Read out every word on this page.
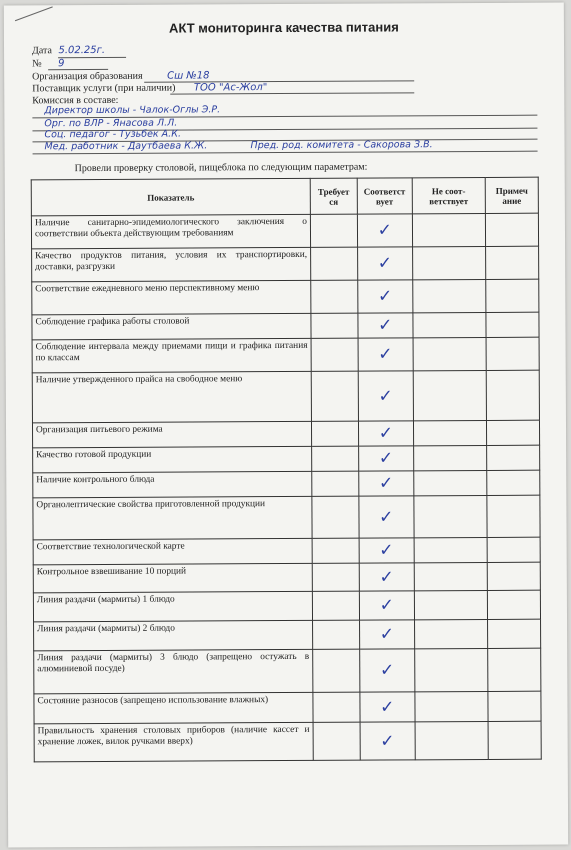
АКТ мониторинга качества питания
Дата 5.02.25г.
№ 9
Организация образования Сш №18
Поставщик услуги (при наличии) ТОО "Ас-Жол"
Комиссия в составе:
Директор школы - Чалок-Оглы Э.Р.
Орг. по ВЛР - Янасова Л.Л.
Соц. педагог - Тузьбек А.К.
Мед. работник - Даутбаева К.Ж.	Пред. род. комитета - Сакорова З.В.
Провели проверку столовой, пищеблока по следующим параметрам:
Показатель	Требует ся	Соответст вует	Не соот- ветствует	Примеч ание
Наличие санитарно-эпидемиологического заключения о соответствии объекта действующим требованиям		✓		
Качество продуктов питания, условия их транспортировки, доставки, разгрузки		✓		
Соответствие ежедневного меню перспективному меню		✓		
Соблюдение графика работы столовой		✓		
Соблюдение интервала между приемами пищи и графика питания по классам		✓		
Наличие утвержденного прайса на свободное меню		✓		
Организация питьевого режима		✓		
Качество готовой продукции		✓		
Наличие контрольного блюда		✓		
Органолептические свойства приготовленной продукции		✓		
Соответствие технологической карте		✓		
Контрольное взвешивание 10 порций		✓		
Линия раздачи (мармиты) 1 блюдо		✓		
Линия раздачи (мармиты) 2 блюдо		✓		
Линия раздачи (мармиты) 3 блюдо (запрещено остужать в алюминиевой посуде)		✓		
Состояние разносов (запрещено использование влажных)		✓		
Правильность хранения столовых приборов (наличие кассет и хранение ложек, вилок ручками вверх)		✓		
